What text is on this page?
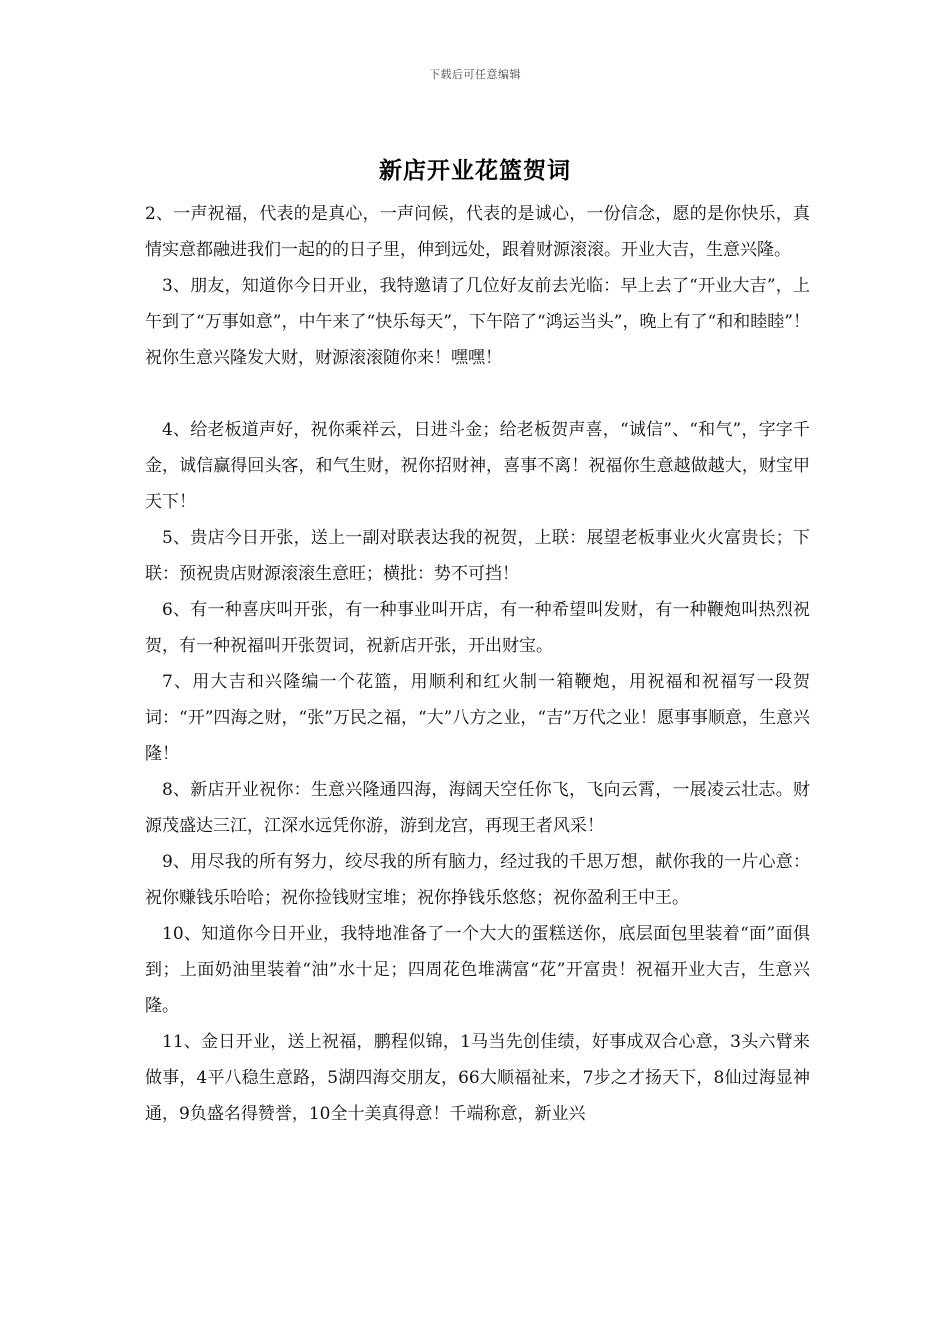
下载后可任意编辑
新店开业花篮贺词

2、一声祝福，代表的是真心，一声问候，代表的是诚心，一份信念，愿的是你快乐，真情实意都融进我们一起的的日子里，伸到远处，跟着财源滚滚。开业大吉，生意兴隆。

3、朋友，知道你今日开业，我特邀请了几位好友前去光临：早上去了“开业大吉”，上午到了“万事如意”，中午来了“快乐每天”，下午陪了“鸿运当头”，晚上有了“和和睦睦”！祝你生意兴隆发大财，财源滚滚随你来！嘿嘿！

4、给老板道声好，祝你乘祥云，日进斗金；给老板贺声喜，“诚信”、“和气”，字字千金，诚信赢得回头客，和气生财，祝你招财神，喜事不离！祝福你生意越做越大，财宝甲天下！

5、贵店今日开张，送上一副对联表达我的祝贺，上联：展望老板事业火火富贵长；下联：预祝贵店财源滚滚生意旺；横批：势不可挡！

6、有一种喜庆叫开张，有一种事业叫开店，有一种希望叫发财，有一种鞭炮叫热烈祝贺，有一种祝福叫开张贺词，祝新店开张，开出财宝。

7、用大吉和兴隆编一个花篮，用顺利和红火制一箱鞭炮，用祝福和祝福写一段贺词：“开”四海之财，“张”万民之福，“大”八方之业，“吉”万代之业！愿事事顺意，生意兴隆！

8、新店开业祝你：生意兴隆通四海，海阔天空任你飞，飞向云霄，一展凌云壮志。财源茂盛达三江，江深水远凭你游，游到龙宫，再现王者风采！

9、用尽我的所有努力，绞尽我的所有脑力，经过我的千思万想，献你我的一片心意：祝你赚钱乐哈哈；祝你捡钱财宝堆；祝你挣钱乐悠悠；祝你盈利王中王。

10、知道你今日开业，我特地准备了一个大大的蛋糕送你，底层面包里装着“面”面俱到；上面奶油里装着“油”水十足；四周花色堆满富“花”开富贵！祝福开业大吉，生意兴隆。

11、金日开业，送上祝福，鹏程似锦，1马当先创佳绩，好事成双合心意，3头六臂来做事，4平八稳生意路，5湖四海交朋友，66大顺福祉来，7步之才扬天下，8仙过海显神通，9负盛名得赞誉，10全十美真得意！千端称意，新业兴
